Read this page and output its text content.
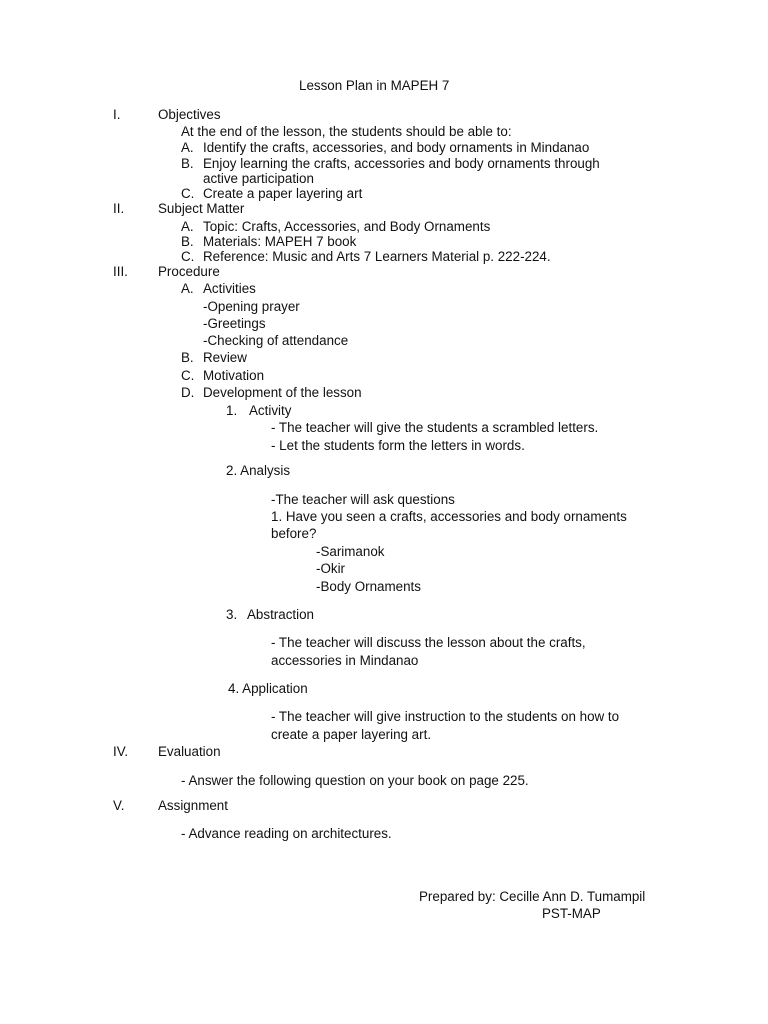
Lesson Plan in MAPEH 7
I.	Objectives
At the end of the lesson, the students should be able to:
A. Identify the crafts, accessories, and body ornaments in Mindanao
B. Enjoy learning the crafts, accessories and body ornaments through
active participation
C. Create a paper layering art
II.	Subject Matter
A. Topic: Crafts, Accessories, and Body Ornaments
B. Materials: MAPEH 7 book
C. Reference: Music and Arts 7 Learners Material p. 222-224.
III. Procedure
A. Activities
-Opening prayer
-Greetings
-Checking of attendance
B. Review
C. Motivation
D. Development of the lesson
1. Activity
- The teacher will give the students a scrambled letters.
- Let the students form the letters in words.
2. Analysis
-The teacher will ask questions
1. Have you seen a crafts, accessories and body ornaments
before?
-Sarimanok
-Okir
-Body Ornaments
3. Abstraction
- The teacher will discuss the lesson about the crafts,
accessories in Mindanao
4. Application
- The teacher will give instruction to the students on how to
create a paper layering art.
IV. Evaluation
- Answer the following question on your book on page 225.
V.	Assignment
- Advance reading on architectures.
Prepared by: Cecille Ann D. Tumampil
PST-MAP
